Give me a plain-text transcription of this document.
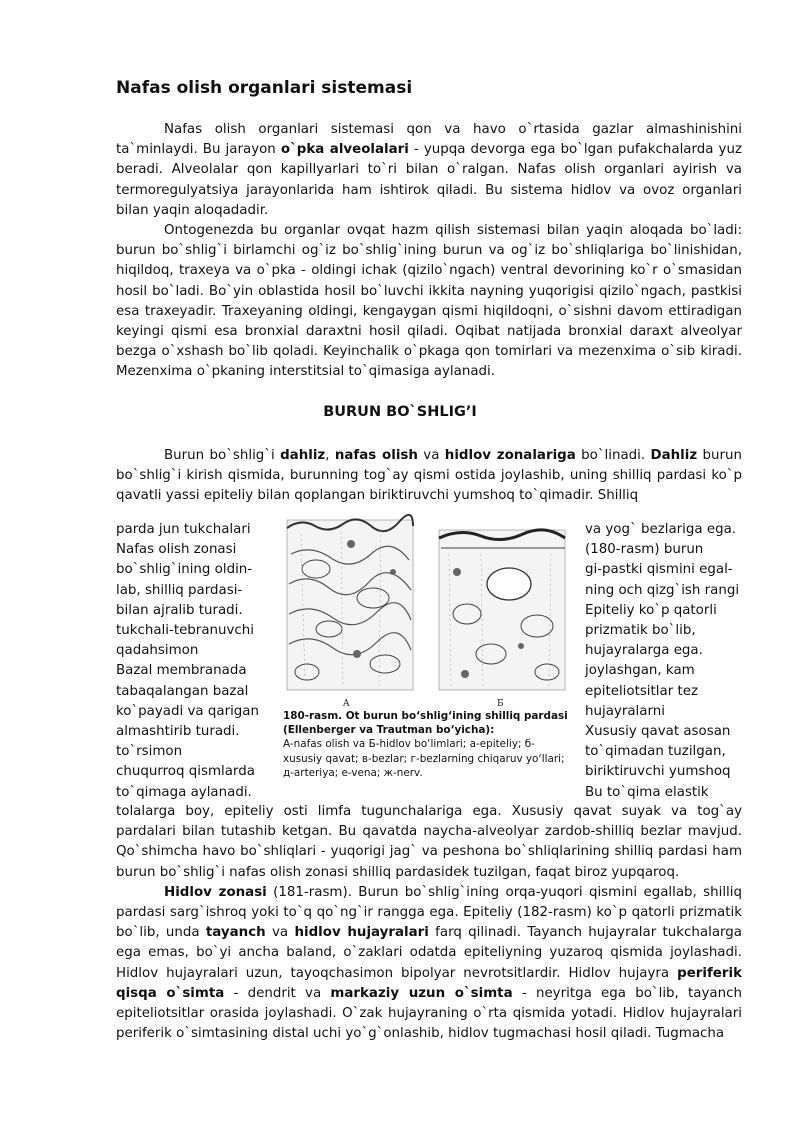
Nafas olish organlari sistemasi

Nafas olish organlari sistemasi qon va havo o`rtasida gazlar almashinishini ta`minlaydi. Bu jarayon o`pka alveolalari - yupqa devorga ega bo`lgan pufakchalarda yuz beradi. Alveolalar qon kapillyarlari to`ri bilan o`ralgan. Nafas olish organlari ayirish va termoregulyatsiya jarayonlarida ham ishtirok qiladi. Bu sistema hidlov va ovoz organlari bilan yaqin aloqadadir.

Ontogenezda bu organlar ovqat hazm qilish sistemasi bilan yaqin aloqada bo`ladi: burun bo`shlig`i birlamchi og`iz bo`shlig`ining burun va og`iz bo`shliqlariga bo`linishidan, hiqildoq, traxeya va o`pka - oldingi ichak (qizilo`ngach) ventral devorining ko`r o`smasidan hosil bo`ladi. Bo`yin oblastida hosil bo`luvchi ikkita nayning yuqorigisi qizilo`ngach, pastkisi esa traxeyadir. Traxeyaning oldingi, kengaygan qismi hiqildoqni, o`sishni davom ettiradigan keyingi qismi esa bronxial daraxtni hosil qiladi. Oqibat natijada bronxial daraxt alveolyar bezga o`xshash bo`lib qoladi. Keyinchalik o`pkaga qon tomirlari va mezenxima o`sib kiradi. Mezenxima o`pkaning interstitsial to`qimasiga aylanadi.

BURUN BO`SHLIG’I

Burun bo`shlig`i dahliz, nafas olish va hidlov zonalariga bo`linadi. Dahliz burun bo`shlig`i kirish qismida, burunning tog`ay qismi ostida joylashib, uning shilliq pardasi ko`p qavatli yassi epiteliy bilan qoplangan biriktiruvchi yumshoq to`qimadir. Shilliq

parda jun tukchalari
Nafas olish zonasi
bo`shlig`ining oldin-
lab, shilliq pardasi-
bilan ajralib turadi.
tukchali-tebranuvchi
qadahsimon
Bazal membranada
tabaqalangan bazal
ko`payadi va qarigan
almashtirib turadi.
to`rsimon
chuqurroq qismlarda
to`qimaga aylanadi.
A	Б
180-rasm. Ot burun bo‘shlig‘ining shilliq pardasi (Ellenberger va Trautman bo‘yicha):
A-nafas olish va Б-hidlov bo‘limlari; a-epiteliy; б-xususiy qavat; в-bezlar; г-bezlarning chiqaruv yo‘llari; д-arteriya; e-vena; ж-nerv.
va yog` bezlariga ega.
(180-rasm) burun
gi-pastki qismini egal-
ning och qizg`ish rangi
Epiteliy ko`p qatorli
prizmatik bo`lib,
hujayralarga ega.
joylashgan, kam
epiteliotsitlar tez
hujayralarni
Xususiy qavat asosan
to`qimadan tuzilgan,
biriktiruvchi yumshoq
Bu to`qima elastik

tolalarga boy, epiteliy osti limfa tugunchalariga ega. Xususiy qavat suyak va tog`ay pardalari bilan tutashib ketgan. Bu qavatda naycha-alveolyar zardob-shilliq bezlar mavjud. Qo`shimcha havo bo`shliqlari - yuqorigi jag` va peshona bo`shliqlarining shilliq pardasi ham burun bo`shlig`i nafas olish zonasi shilliq pardasidek tuzilgan, faqat biroz yupqaroq.

Hidlov zonasi (181-rasm). Burun bo`shlig`ining orqa-yuqori qismini egallab, shilliq pardasi sarg`ishroq yoki to`q qo`ng`ir rangga ega. Epiteliy (182-rasm) ko`p qatorli prizmatik bo`lib, unda tayanch va hidlov hujayralari farq qilinadi. Tayanch hujayralar tukchalarga ega emas, bo`yi ancha baland, o`zaklari odatda epiteliyning yuzaroq qismida joylashadi. Hidlov hujayralari uzun, tayoqchasimon bipolyar nevrotsitlardir. Hidlov hujayra periferik qisqa o`simta - dendrit va markaziy uzun o`simta - neyritga ega bo`lib, tayanch epiteliotsitlar orasida joylashadi. O`zak hujayraning o`rta qismida yotadi. Hidlov hujayralari periferik o`simtasining distal uchi yo`g`onlashib, hidlov tugmachasi hosil qiladi. Tugmacha
